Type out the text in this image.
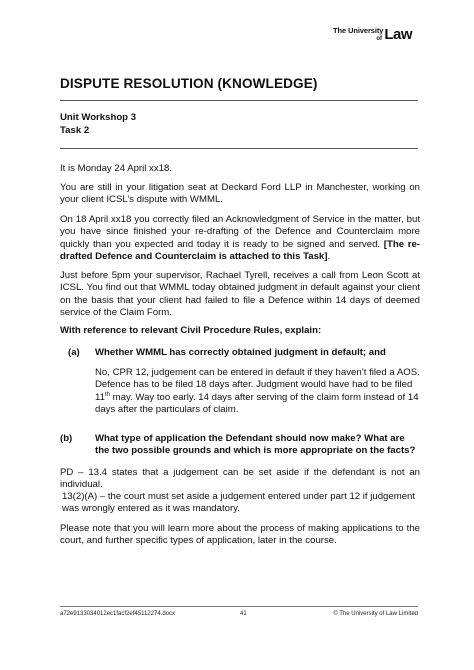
The UniversityLaw
of
DISPUTE RESOLUTION (KNOWLEDGE)
Unit Workshop 3
Task 2

It is Monday 24 April xx18.

You are still in your litigation seat at Deckard Ford LLP in Manchester, working on your client ICSL’s dispute with WMML.

On 18 April xx18 you correctly filed an Acknowledgment of Service in the matter, but you have since finished your re-drafting of the Defence and Counterclaim more quickly than you expected and today it is ready to be signed and served. [The re-drafted Defence and Counterclaim is attached to this Task].

Just before 5pm your supervisor, Rachael Tyrell, receives a call from Leon Scott at ICSL. You find out that WMML today obtained judgment in default against your client on the basis that your client had failed to file a Defence within 14 days of deemed service of the Claim Form.

With reference to relevant Civil Procedure Rules, explain:

(a) Whether WMML has correctly obtained judgment in default; and

No, CPR 12, judgement can be entered in default if they haven’t filed a AOS. Defence has to be filed 18 days after. Judgment would have had to be filed 11th may. Way too early. 14 days after serving of the claim form instead of 14 days after the particulars of claim.

(b) What type of application the Defendant should now make? What are the two possible grounds and which is more appropriate on the facts?

PD – 13.4 states that a judgement can be set aside if the defendant is not an individual.

13(2)(A) – the court must set aside a judgement entered under part 12 if judgement was wrongly entered as it was mandatory.

Please note that you will learn more about the process of making applications to the court, and further specific types of application, later in the course.

a72e9133034012ec1facf2ef45112274.docx	41	© The University of Law Limited
